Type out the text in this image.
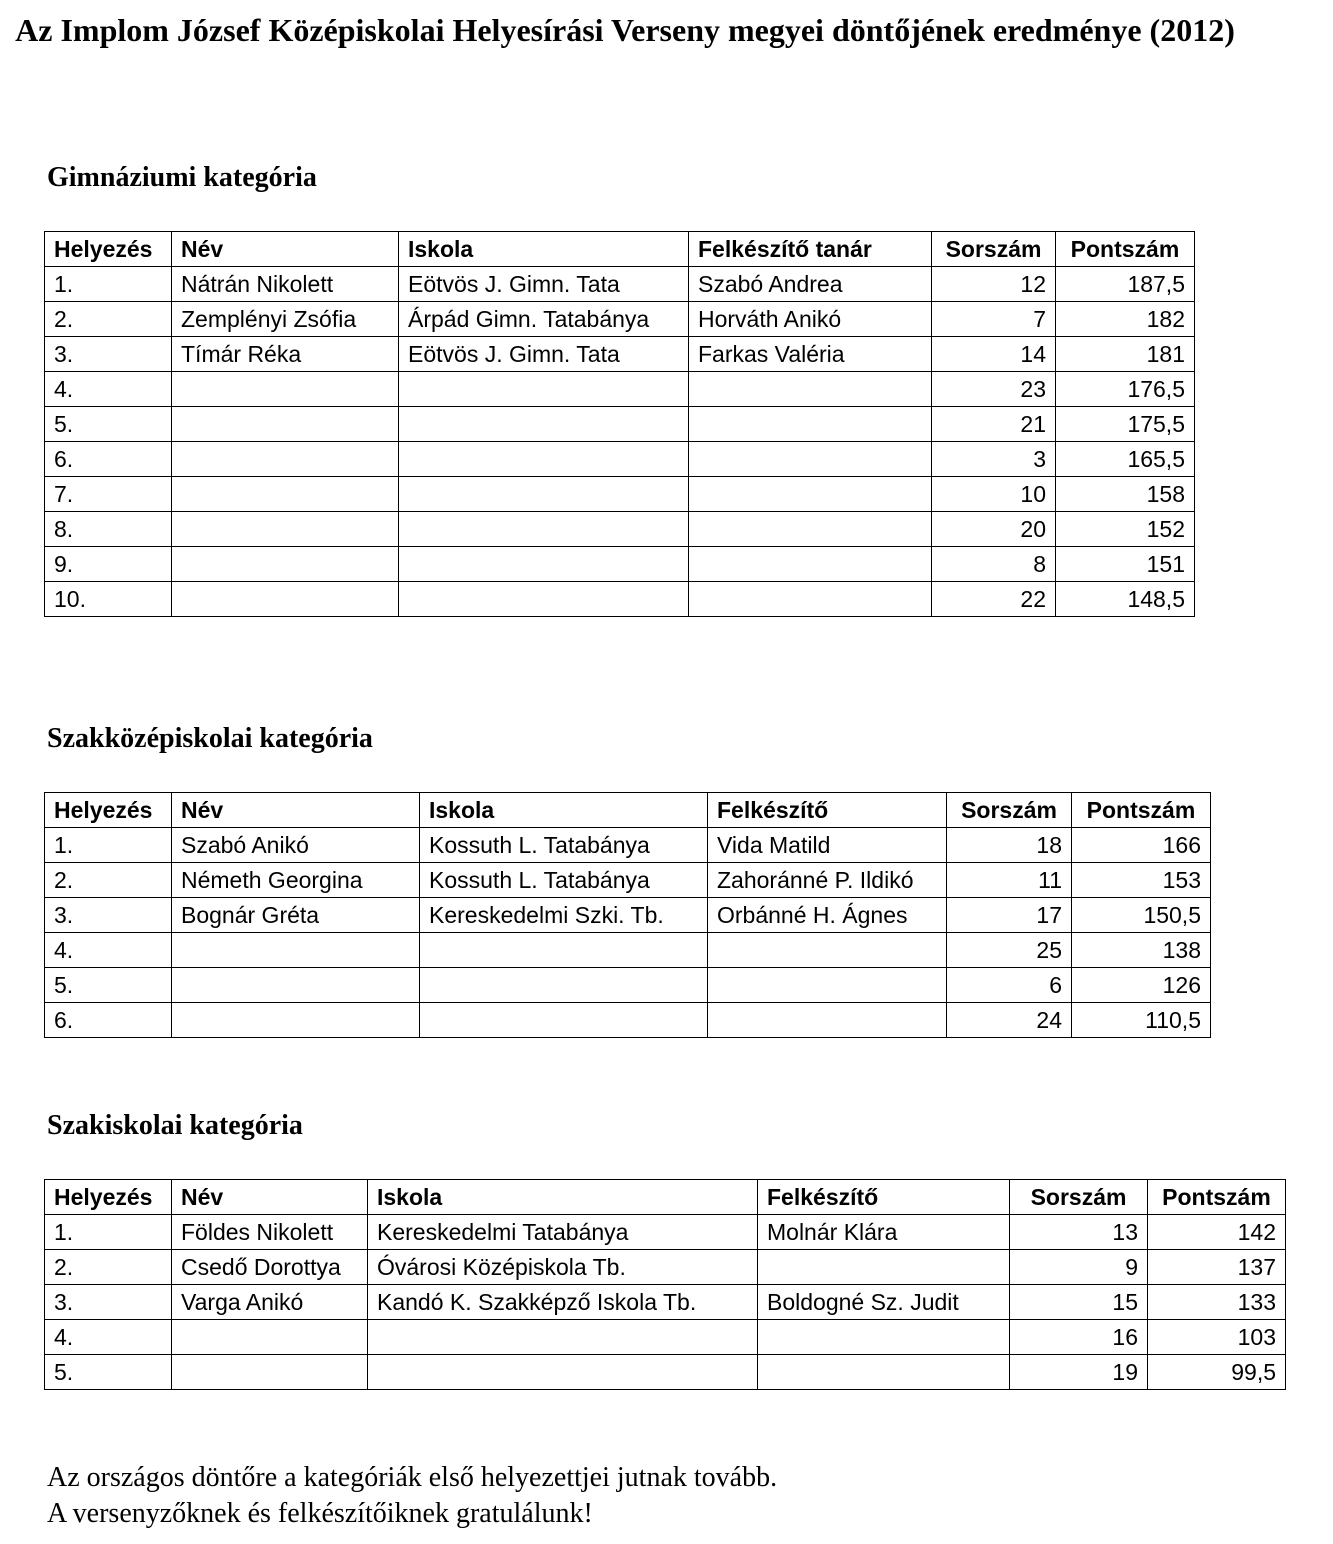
Az Implom József Középiskolai Helyesírási Verseny megyei döntőjének eredménye (2012)
Gimnáziumi kategória
Helyezés	Név	Iskola	Felkészítő tanár	Sorszám	Pontszám
1.	Nátrán Nikolett	Eötvös J. Gimn. Tata	Szabó Andrea	12	187,5
2.	Zemplényi Zsófia	Árpád Gimn. Tatabánya	Horváth Anikó	7	182
3.	Tímár Réka	Eötvös J. Gimn. Tata	Farkas Valéria	14	181
4.				23	176,5
5.				21	175,5
6.				3	165,5
7.				10	158
8.				20	152
9.				8	151
10.				22	148,5
Szakközépiskolai kategória
Helyezés	Név	Iskola	Felkészítő	Sorszám	Pontszám
1.	Szabó Anikó	Kossuth L. Tatabánya	Vida Matild	18	166
2.	Németh Georgina	Kossuth L. Tatabánya	Zahoránné P. Ildikó	11	153
3.	Bognár Gréta	Kereskedelmi Szki. Tb.	Orbánné H. Ágnes	17	150,5
4.				25	138
5.				6	126
6.				24	110,5
Szakiskolai kategória
Helyezés	Név	Iskola	Felkészítő	Sorszám	Pontszám
1.	Földes Nikolett	Kereskedelmi Tatabánya	Molnár Klára	13	142
2.	Csedő Dorottya	Óvárosi Középiskola Tb.		9	137
3.	Varga Anikó	Kandó K. Szakképző Iskola Tb.	Boldogné Sz. Judit	15	133
4.				16	103
5.				19	99,5
Az országos döntőre a kategóriák első helyezettjei jutnak tovább.
A versenyzőknek és felkészítőiknek gratulálunk!
